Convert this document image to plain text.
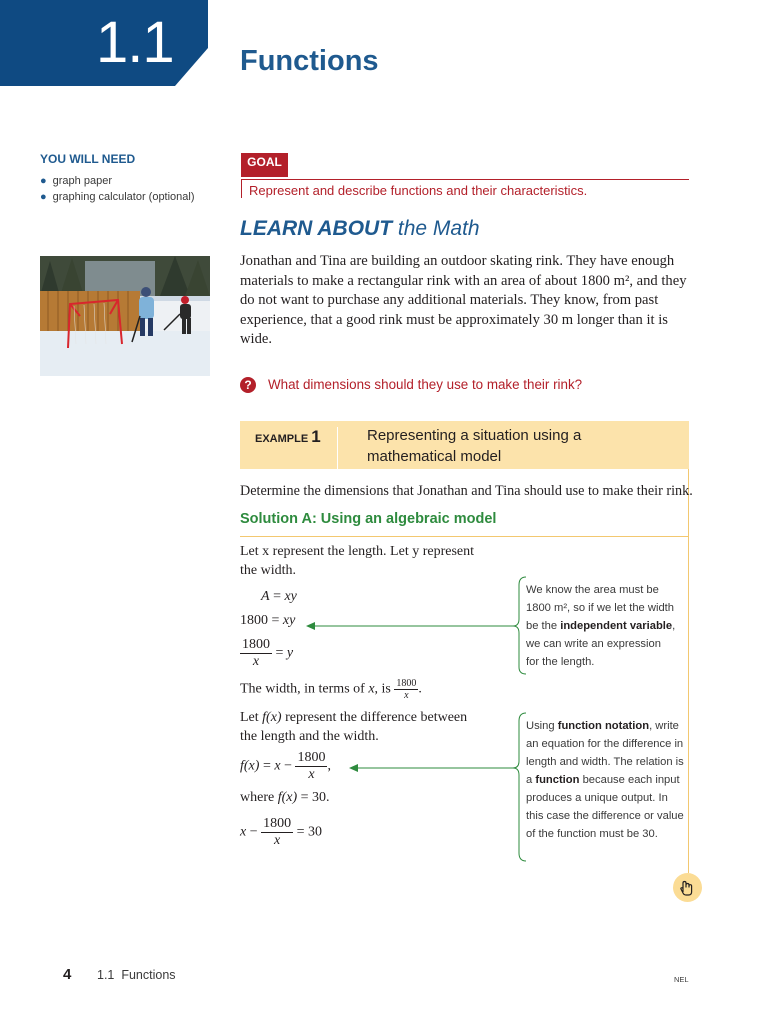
1.1 Functions
YOU WILL NEED
● graph paper
● graphing calculator (optional)
GOAL
Represent and describe functions and their characteristics.
LEARN ABOUT the Math
Jonathan and Tina are building an outdoor skating rink. They have enough materials to make a rectangular rink with an area of about 1800 m², and they do not want to purchase any additional materials. They know, from past experience, that a good rink must be approximately 30 m longer than it is wide.
?	What dimensions should they use to make their rink?
EXAMPLE 1	Representing a situation using a mathematical model
Determine the dimensions that Jonathan and Tina should use to make their rink.
Solution A: Using an algebraic model
Let x represent the length. Let y represent the width.
A = xy
1800 = xy
$\frac{1800}{x} = y$
The width, in terms of x, is $\frac{1800}{x}$ .
Let f(x) represent the difference between the length and the width.
$f(x) = x - \frac{1800}{x}$ ,
where f(x) = 30.
$x - \frac{1800}{x} = 30$
We know the area must be 1800 m², so if we let the width be the independent variable, we can write an expression for the length.
Using function notation, write an equation for the difference in length and width. The relation is a function because each input produces a unique output. In this case the difference or value of the function must be 30.
4 1.1  Functions	NEL
